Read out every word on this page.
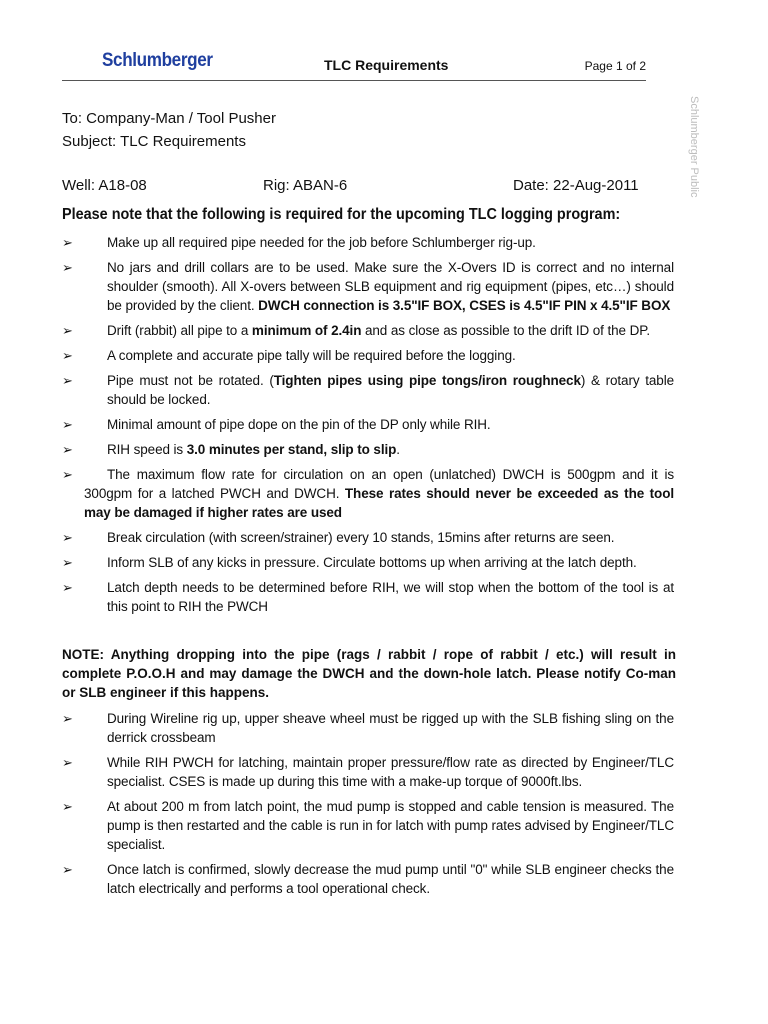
Schlumberger	TLC Requirements	Page 1 of 2
Schlumberger Public
To: Company-Man / Tool Pusher
Subject: TLC Requirements
Well: A18-08	Rig: ABAN-6	Date: 22-Aug-2011
Please note that the following is required for the upcoming TLC logging program:
➢	Make up all required pipe needed for the job before Schlumberger rig-up.
➢	No jars and drill collars are to be used. Make sure the X-Overs ID is correct and no internal shoulder (smooth). All X-overs between SLB equipment and rig equipment (pipes, etc…) should be provided by the client. DWCH connection is 3.5"IF BOX, CSES is 4.5"IF PIN x 4.5"IF BOX
➢	Drift (rabbit) all pipe to a minimum of 2.4in and as close as possible to the drift ID of the DP.
➢	A complete and accurate pipe tally will be required before the logging.
➢	Pipe must not be rotated. (Tighten pipes using pipe tongs/iron roughneck) & rotary table should be locked.
➢	Minimal amount of pipe dope on the pin of the DP only while RIH.
➢	RIH speed is 3.0 minutes per stand, slip to slip.
➢	The maximum flow rate for circulation on an open (unlatched) DWCH is 500gpm and it is 300gpm for a latched PWCH and DWCH. These rates should never be exceeded as the tool may be damaged if higher rates are used
➢	Break circulation (with screen/strainer) every 10 stands, 15mins after returns are seen.
➢	Inform SLB of any kicks in pressure. Circulate bottoms up when arriving at the latch depth.
➢	Latch depth needs to be determined before RIH, we will stop when the bottom of the tool is at this point to RIH the PWCH
NOTE: Anything dropping into the pipe (rags / rabbit / rope of rabbit / etc.) will result in complete P.O.O.H and may damage the DWCH and the down-hole latch. Please notify Co-man or SLB engineer if this happens.
➢	During Wireline rig up, upper sheave wheel must be rigged up with the SLB fishing sling on the derrick crossbeam
➢	While RIH PWCH for latching, maintain proper pressure/flow rate as directed by Engineer/TLC specialist. CSES is made up during this time with a make-up torque of 9000ft.lbs.
➢	At about 200 m from latch point, the mud pump is stopped and cable tension is measured. The pump is then restarted and the cable is run in for latch with pump rates advised by Engineer/TLC specialist.
➢	Once latch is confirmed, slowly decrease the mud pump until "0" while SLB engineer checks the latch electrically and performs a tool operational check.
